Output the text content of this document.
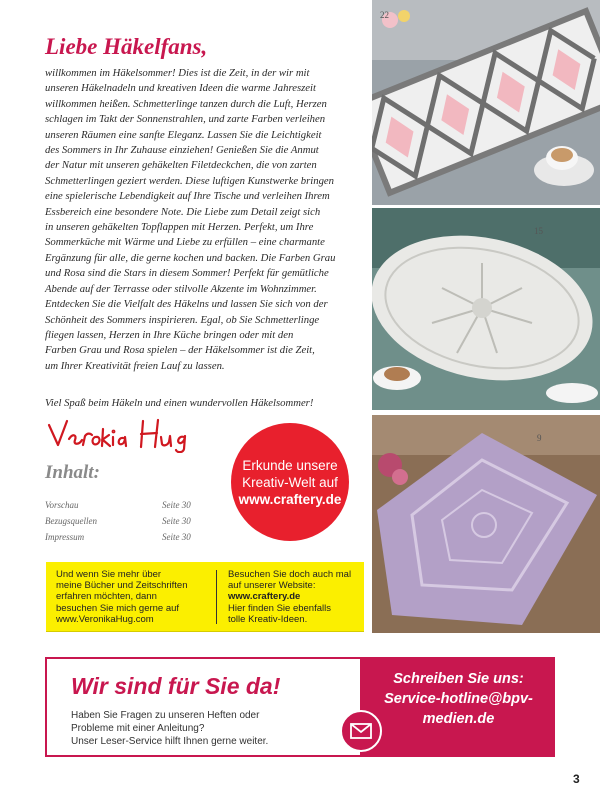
Liebe Häkelfans,
willkommen im Häkelsommer! Dies ist die Zeit, in der wir mit
unseren Häkelnadeln und kreativen Ideen die warme Jahreszeit
willkommen heißen. Schmetterlinge tanzen durch die Luft, Herzen
schlagen im Takt der Sonnenstrahlen, und zarte Farben verleihen
unseren Räumen eine sanfte Eleganz. Lassen Sie die Leichtigkeit
des Sommers in Ihr Zuhause einziehen! Genießen Sie die Anmut
der Natur mit unseren gehäkelten Filetdeckchen, die von zarten
Schmetterlingen geziert werden. Diese luftigen Kunstwerke bringen
eine spielerische Lebendigkeit auf Ihre Tische und verleihen Ihrem
Essbereich eine besondere Note. Die Liebe zum Detail zeigt sich
in unseren gehäkelten Topflappen mit Herzen. Perfekt, um Ihre
Sommerküche mit Wärme und Liebe zu erfüllen – eine charmante
Ergänzung für alle, die gerne kochen und backen. Die Farben Grau
und Rosa sind die Stars in diesem Sommer! Perfekt für gemütliche
Abende auf der Terrasse oder stilvolle Akzente im Wohnzimmer.
Entdecken Sie die Vielfalt des Häkelns und lassen Sie sich von der
Schönheit des Sommers inspirieren. Egal, ob Sie Schmetterlinge
fliegen lassen, Herzen in Ihre Küche bringen oder mit den
Farben Grau und Rosa spielen – der Häkelsommer ist die Zeit,
um Ihrer Kreativität freien Lauf zu lassen.
Viel Spaß beim Häkeln und einen wundervollen Häkelsommer!
Inhalt:
Vorschau	Seite 30
Bezugsquellen	Seite 30
Impressum	Seite 30
Erkunde unsere
Kreativ-Welt auf
www.craftery.de
Und wenn Sie mehr über
meine Bücher und Zeitschriften
erfahren möchten, dann
besuchen Sie mich gerne auf
www.VeronikaHug.com
Besuchen Sie doch auch mal
auf unserer Website:
www.craftery.de
Hier finden Sie ebenfalls
tolle Kreativ-Ideen.
22
15
9
Wir sind für Sie da!
Haben Sie Fragen zu unseren Heften oder
Probleme mit einer Anleitung?
Unser Leser-Service hilft Ihnen gerne weiter.
Schreiben Sie uns:
Service-hotline@bpv-medien.de
3
